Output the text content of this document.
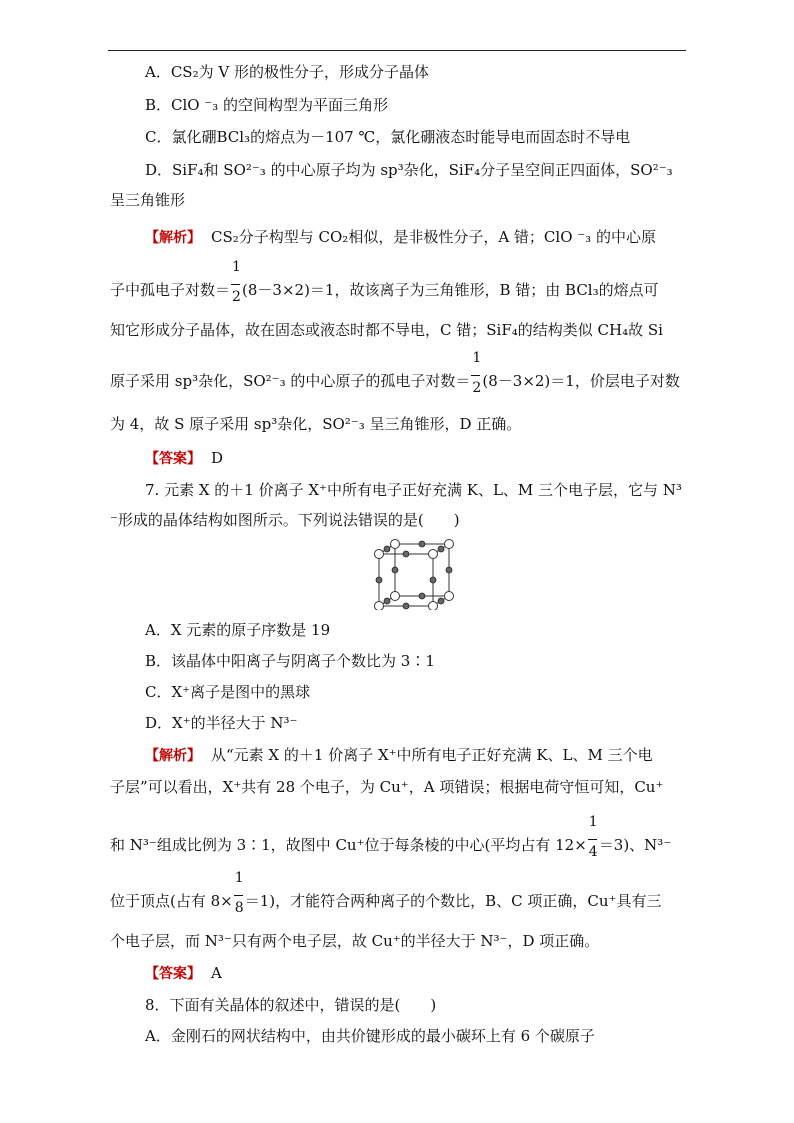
A．CS₂为 V 形的极性分子，形成分子晶体
B．ClO ⁻₃ 的空间构型为平面三角形
C．氯化硼BCl₃的熔点为－107 ℃，氯化硼液态时能导电而固态时不导电
D．SiF₄和 SO²⁻₃ 的中心原子均为 sp³杂化，SiF₄分子呈空间正四面体，SO²⁻₃
呈三角锥形
【解析】 CS₂分子构型与 CO₂相似，是非极性分子，A 错；ClO ⁻₃ 的中心原
子中孤电子对数＝ $\frac{1}{2} (8-3\times 2)=1$，故该离子为三角锥形，B 错；由 BCl₃的熔点可
知它形成分子晶体，故在固态或液态时都不导电，C 错；SiF₄的结构类似 CH₄故 Si
原子采用 sp³杂化，SO²⁻₃ 的中心原子的孤电子对数＝ $\frac{1}{2} (8-3\times 2)=1$，价层电子对数
为 4，故 S 原子采用 sp³杂化，SO²⁻₃ 呈三角锥形，D 正确。
【答案】 D
7. 元素 X 的＋1 价离子 X⁺中所有电子正好充满 K、L、M 三个电子层，它与 N³
⁻形成的晶体结构如图所示。下列说法错误的是(　　)
A．X 元素的原子序数是 19
B．该晶体中阳离子与阴离子个数比为 3∶1
C．X⁺离子是图中的黑球
D．X⁺的半径大于 N³⁻
【解析】 从“元素 X 的＋1 价离子 X⁺中所有电子正好充满 K、L、M 三个电
子层”可以看出，X⁺共有 28 个电子，为 Cu⁺，A 项错误；根据电荷守恒可知，Cu⁺
和 N³⁻组成比例为 3∶1，故图中 Cu⁺位于每条棱的中心(平均占有 $12\times \frac{1}{4} =3$)、N³⁻
位于顶点(占有 $8\times \frac{1}{8} =1$)，才能符合两种离子的个数比，B、C 项正确，Cu⁺具有三
个电子层，而 N³⁻只有两个电子层，故 Cu⁺的半径大于 N³⁻，D 项正确。
【答案】 A
8．下面有关晶体的叙述中，错误的是(　　)
A．金刚石的网状结构中，由共价键形成的最小碳环上有 6 个碳原子
